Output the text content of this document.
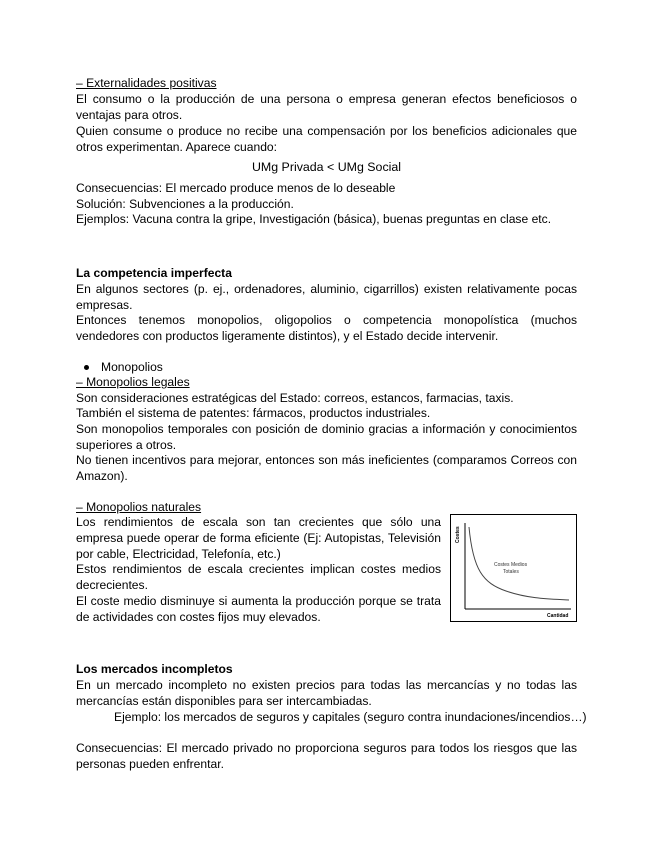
– Externalidades positivas
El consumo o la producción de una persona o empresa generan efectos beneficiosos o ventajas para otros.
Quien consume o produce no recibe una compensación por los beneficios adicionales que otros experimentan. Aparece cuando:
UMg Privada < UMg Social
Consecuencias: El mercado produce menos de lo deseable
Solución: Subvenciones a la producción.
Ejemplos: Vacuna contra la gripe, Investigación (básica), buenas preguntas en clase etc.
La competencia imperfecta
En algunos sectores (p. ej., ordenadores, aluminio, cigarrillos) existen relativamente pocas empresas.
Entonces tenemos monopolios, oligopolios o competencia monopolística (muchos vendedores con productos ligeramente distintos), y el Estado decide intervenir.
Monopolios
– Monopolios legales
Son consideraciones estratégicas del Estado: correos, estancos, farmacias, taxis.
También el sistema de patentes: fármacos, productos industriales.
Son monopolios temporales con posición de dominio gracias a información y conocimientos superiores a otros.
No tienen incentivos para mejorar, entonces son más ineficientes (comparamos Correos con Amazon).
– Monopolios naturales
Los rendimientos de escala son tan crecientes que sólo una empresa puede operar de forma eficiente (Ej: Autopistas, Televisión por cable, Electricidad, Telefonía, etc.)
Estos rendimientos de escala crecientes implican costes medios decrecientes.
El coste medio disminuye si aumenta la producción porque se trata de actividades con costes fijos muy elevados.
Costes
Cantidad
Costes Medios
Totales
Los mercados incompletos
En un mercado incompleto no existen precios para todas las mercancías y no todas las mercancías están disponibles para ser intercambiadas.
Ejemplo: los mercados de seguros y capitales (seguro contra inundaciones/incendios…)
Consecuencias: El mercado privado no proporciona seguros para todos los riesgos que las personas pueden enfrentar.
